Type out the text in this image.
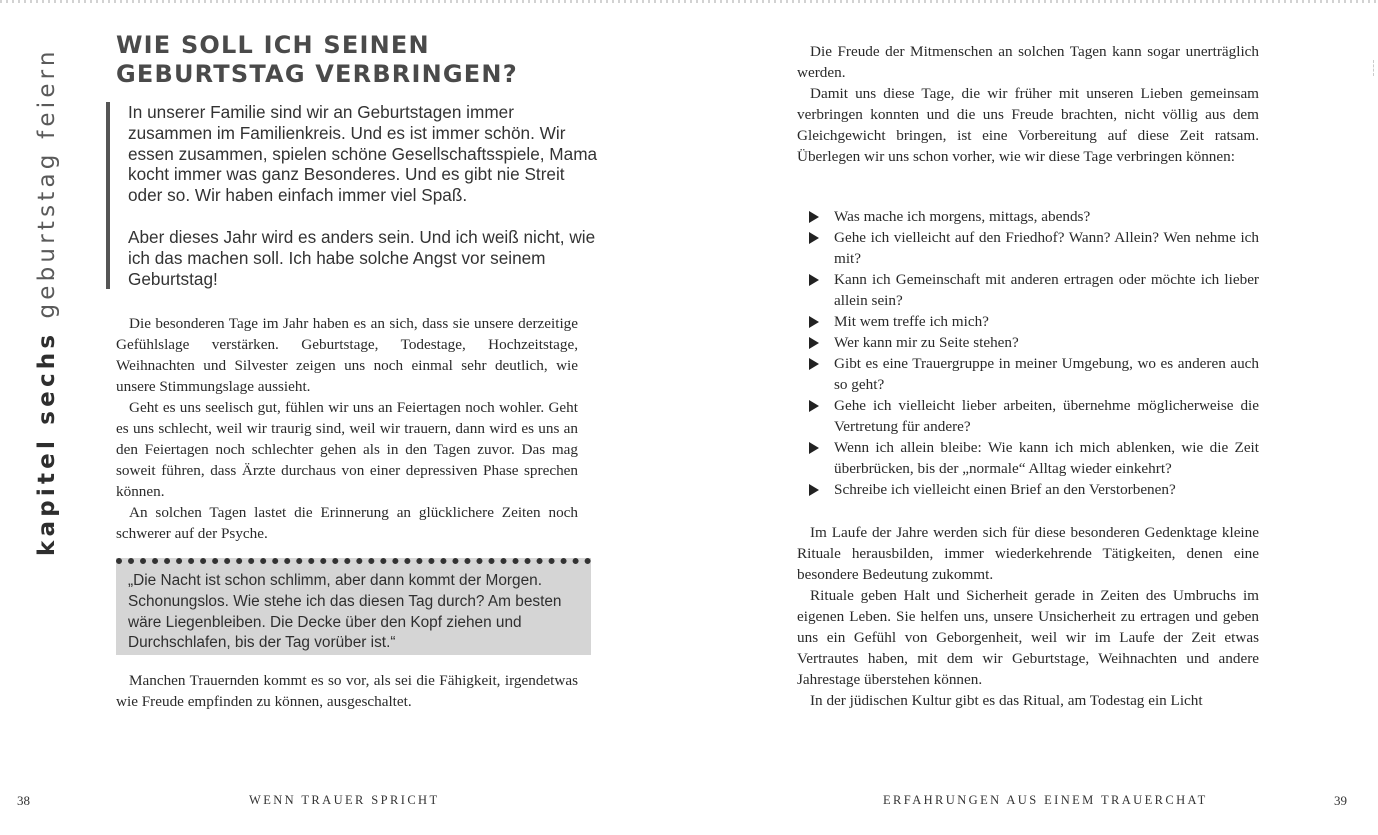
kapitel sechs geburtstag feiern
WIE SOLL ICH SEINEN GEBURTSTAG VERBRINGEN?

In unserer Familie sind wir an Geburtstagen immer zusammen im Familienkreis. Und es ist immer schön. Wir essen zusammen, spielen schöne Gesellschaftsspiele, Mama kocht immer was ganz Besonderes. Und es gibt nie Streit oder so. Wir haben einfach immer viel Spaß.

Aber dieses Jahr wird es anders sein. Und ich weiß nicht, wie ich das machen soll. Ich habe solche Angst vor seinem Geburtstag!

Die besonderen Tage im Jahr haben es an sich, dass sie unsere derzeitige Gefühlslage verstärken. Geburtstage, Todestage, Hochzeitstage, Weihnachten und Silvester zeigen uns noch einmal sehr deutlich, wie unsere Stimmungslage aussieht.

Geht es uns seelisch gut, fühlen wir uns an Feiertagen noch wohler. Geht es uns schlecht, weil wir traurig sind, weil wir trauern, dann wird es uns an den Feiertagen noch schlechter gehen als in den Tagen zuvor. Das mag soweit führen, dass Ärzte durchaus von einer depressiven Phase sprechen können.

An solchen Tagen lastet die Erinnerung an glücklichere Zeiten noch schwerer auf der Psyche.

„Die Nacht ist schon schlimm, aber dann kommt der Morgen. Schonungslos. Wie stehe ich das diesen Tag durch? Am besten wäre Liegenbleiben. Die Decke über den Kopf ziehen und Durchschlafen, bis der Tag vorüber ist.“

Manchen Trauernden kommt es so vor, als sei die Fähigkeit, irgendetwas wie Freude empfinden zu können, ausgeschaltet.

Die Freude der Mitmenschen an solchen Tagen kann sogar unerträglich werden.

Damit uns diese Tage, die wir früher mit unseren Lieben gemeinsam verbringen konnten und die uns Freude brachten, nicht völlig aus dem Gleichgewicht bringen, ist eine Vorbereitung auf diese Zeit ratsam. Überlegen wir uns schon vorher, wie wir diese Tage verbringen können:

Was mache ich morgens, mittags, abends?
Gehe ich vielleicht auf den Friedhof? Wann? Allein? Wen nehme ich mit?
Kann ich Gemeinschaft mit anderen ertragen oder möchte ich lieber allein sein?
Mit wem treffe ich mich?
Wer kann mir zu Seite stehen?
Gibt es eine Trauergruppe in meiner Umgebung, wo es anderen auch so geht?
Gehe ich vielleicht lieber arbeiten, übernehme möglicherweise die Vertretung für andere?
Wenn ich allein bleibe: Wie kann ich mich ablenken, wie die Zeit überbrücken, bis der „normale“ Alltag wieder einkehrt?
Schreibe ich vielleicht einen Brief an den Verstorbenen?

Im Laufe der Jahre werden sich für diese besonderen Gedenktage kleine Rituale herausbilden, immer wiederkehrende Tätigkeiten, denen eine besondere Bedeutung zukommt.

Rituale geben Halt und Sicherheit gerade in Zeiten des Umbruchs im eigenen Leben. Sie helfen uns, unsere Unsicherheit zu ertragen und geben uns ein Gefühl von Geborgenheit, weil wir im Laufe der Zeit etwas Vertrautes haben, mit dem wir Geburtstage, Weihnachten und andere Jahrestage überstehen können.

In der jüdischen Kultur gibt es das Ritual, am Todestag ein Licht

38	WENN TRAUER SPRICHT	ERFAHRUNGEN AUS EINEM TRAUERCHAT	39
